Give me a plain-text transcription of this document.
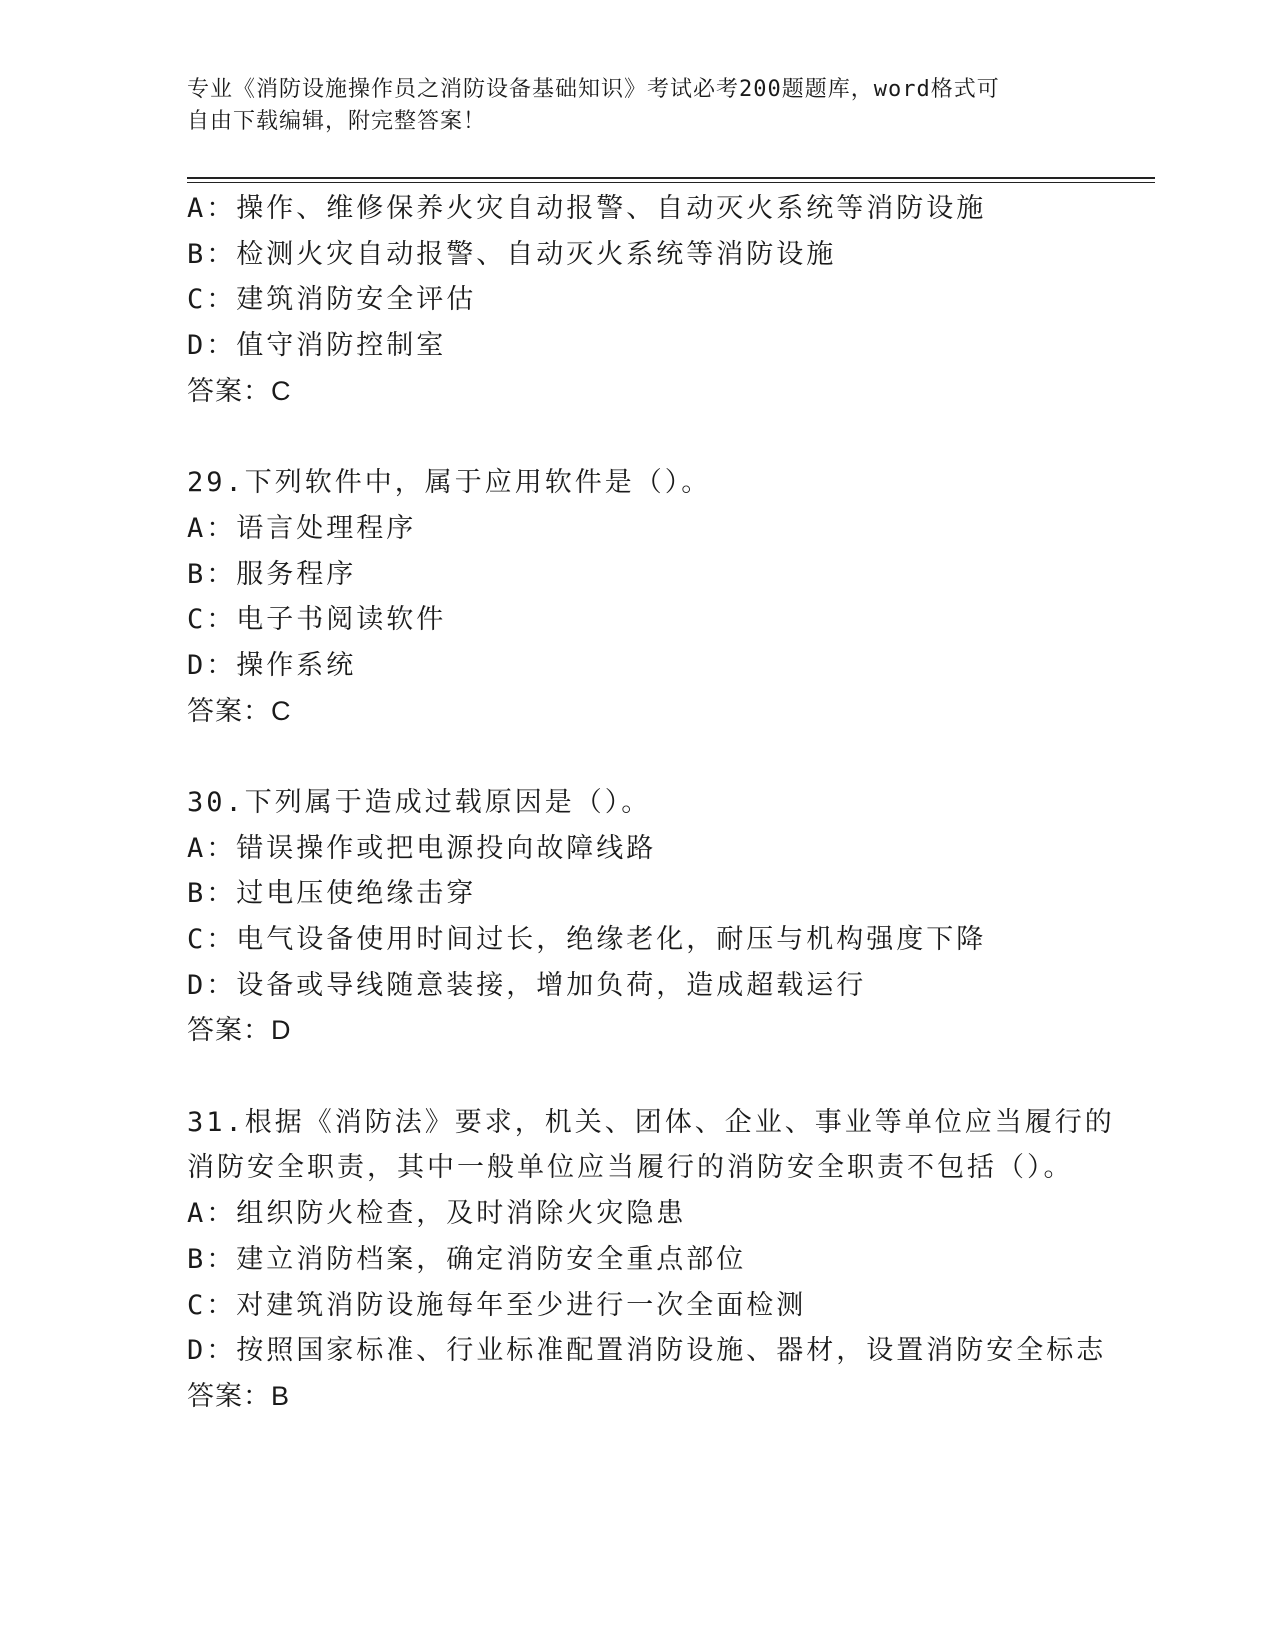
专业《消防设施操作员之消防设备基础知识》考试必考200题题库，word格式可
自由下载编辑，附完整答案！
A：操作、维修保养火灾自动报警、自动灭火系统等消防设施
B：检测火灾自动报警、自动灭火系统等消防设施
C：建筑消防安全评估
D：值守消防控制室
答案：C
29.下列软件中，属于应用软件是（）。
A：语言处理程序
B：服务程序
C：电子书阅读软件
D：操作系统
答案：C
30.下列属于造成过载原因是（）。
A：错误操作或把电源投向故障线路
B：过电压使绝缘击穿
C：电气设备使用时间过长，绝缘老化，耐压与机构强度下降
D：设备或导线随意装接，增加负荷，造成超载运行
答案：D
31.根据《消防法》要求，机关、团体、企业、事业等单位应当履行的
消防安全职责，其中一般单位应当履行的消防安全职责不包括（）。
A：组织防火检查，及时消除火灾隐患
B：建立消防档案，确定消防安全重点部位
C：对建筑消防设施每年至少进行一次全面检测
D：按照国家标准、行业标准配置消防设施、器材，设置消防安全标志
答案：B
